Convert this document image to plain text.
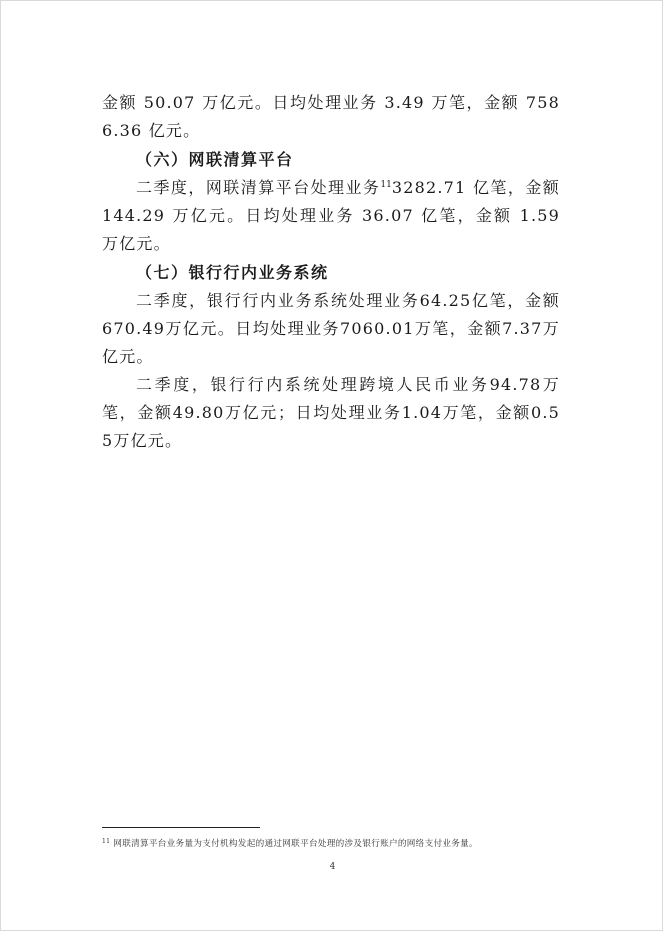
金额 50.07 万亿元。日均处理业务 3.49 万笔，金额 7586.36 亿元。

（六）网联清算平台

二季度，网联清算平台处理业务$^{11}$3282.71 亿笔，金额 144.29 万亿元。日均处理业务 36.07 亿笔，金额 1.59 万亿元。

（七）银行行内业务系统

二季度，银行行内业务系统处理业务64.25亿笔，金额670.49万亿元。日均处理业务7060.01万笔，金额7.37万亿元。

二季度，银行行内系统处理跨境人民币业务94.78万笔，金额49.80万亿元；日均处理业务1.04万笔，金额0.55万亿元。

$^{11}$ 网联清算平台业务量为支付机构发起的通过网联平台处理的涉及银行账户的网络支付业务量。
4
